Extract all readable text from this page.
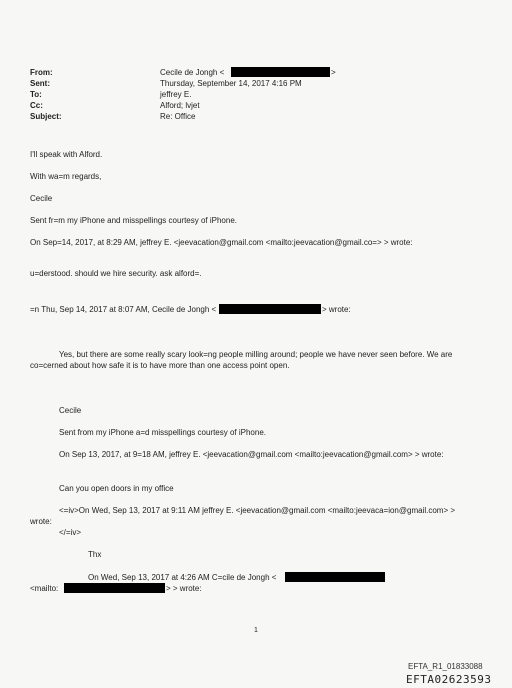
From:	Cecile de Jongh <	>
Sent:	Thursday, September 14, 2017 4:16 PM
To:	jeffrey E.
Cc:	Alford; lvjet
Subject:	Re: Office
I'll speak with Alford.
With wa=m regards,
Cecile
Sent fr=m my iPhone and misspellings courtesy of iPhone.
On Sep=14, 2017, at 8:29 AM, jeffrey E. <jeevacation@gmail.com <mailto:jeevacation@gmail.co=> > wrote:
u=derstood. should we hire security. ask alford=.
=n Thu, Sep 14, 2017 at 8:07 AM, Cecile de Jongh <	> wrote:
Yes, but there are some really scary look=ng people milling around; people we have never seen before. We are
co=cerned about how safe it is to have more than one access point open.
Cecile
Sent from my iPhone a=d misspellings courtesy of iPhone.
On Sep 13, 2017, at 9=18 AM, jeffrey E. <jeevacation@gmail.com <mailto:jeevacation@gmail.com> > wrote:
Can you open doors in my office
<=iv>On Wed, Sep 13, 2017 at 9:11 AM jeffrey E. <jeevacation@gmail.com <mailto:jeevaca=ion@gmail.com> >
wrote:
</=iv>
Thx
On Wed, Sep 13, 2017 at 4:26 AM C=cile de Jongh <
<mailto:	> > wrote:
1
EFTA_R1_01833088
EFTA02623593
